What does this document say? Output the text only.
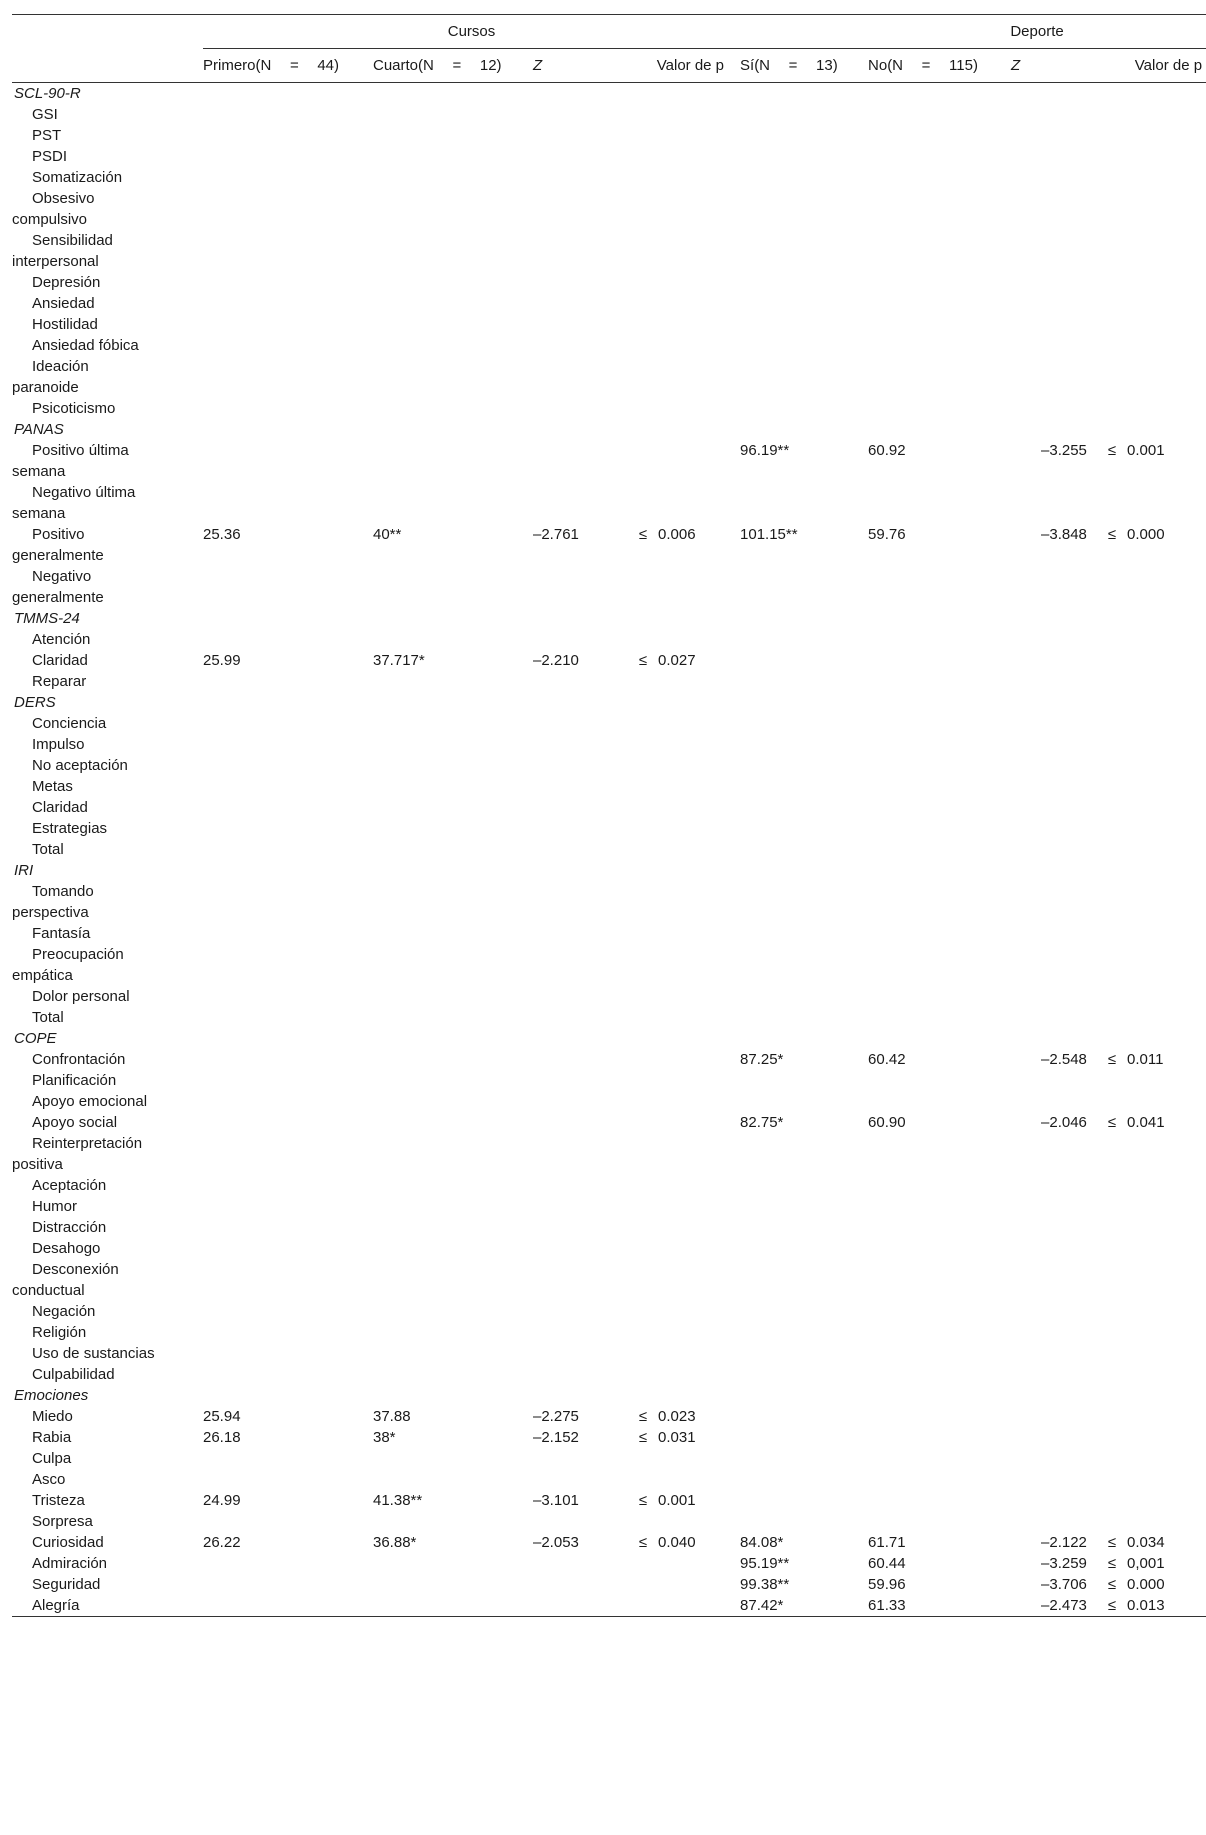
	Cursos					Deporte		
	Primero(N = 44)	Cuarto(N = 12)	Z	Valor de p	Sí(N = 13)	No(N = 115)	Z	Valor de p
SCL-90-R								

GSI								

PST								

PSDI								

Somatización								

Obsesivo compulsivo								

Sensibilidad interpersonal								

Depresión								

Ansiedad								

Hostilidad								

Ansiedad fóbica								

Ideación paranoide								

Psicoticismo								

PANAS								

Positivo última semana					96.19**	60.92	–3.255	≤ 0.001

Negativo última semana								

Positivo generalmente	25.36	40**	–2.761	≤ 0.006	101.15**	59.76	–3.848	≤ 0.000

Negativo generalmente								

TMMS-24								

Atención								

Claridad	25.99	37.717*	–2.210	≤ 0.027				

Reparar								

DERS								

Conciencia								

Impulso								

No aceptación								

Metas								

Claridad								

Estrategias								

Total								

IRI								

Tomando perspectiva								

Fantasía								

Preocupación empática								

Dolor personal								

Total								

COPE								

Confrontación					87.25*	60.42	–2.548	≤ 0.011

Planificación								

Apoyo emocional								

Apoyo social					82.75*	60.90	–2.046	≤ 0.041

Reinterpretación positiva								

Aceptación								

Humor								

Distracción								

Desahogo								

Desconexión conductual								

Negación								

Religión								

Uso de sustancias								

Culpabilidad								

Emociones								

Miedo	25.94	37.88	–2.275	≤ 0.023				

Rabia	26.18	38*	–2.152	≤ 0.031				

Culpa								

Asco								

Tristeza	24.99	41.38**	–3.101	≤ 0.001				

Sorpresa								

Curiosidad	26.22	36.88*	–2.053	≤ 0.040	84.08*	61.71	–2.122	≤ 0.034

Admiración					95.19**	60.44	–3.259	≤ 0,001

Seguridad					99.38**	59.96	–3.706	≤ 0.000

Alegría					87.42*	61.33	–2.473	≤ 0.013
